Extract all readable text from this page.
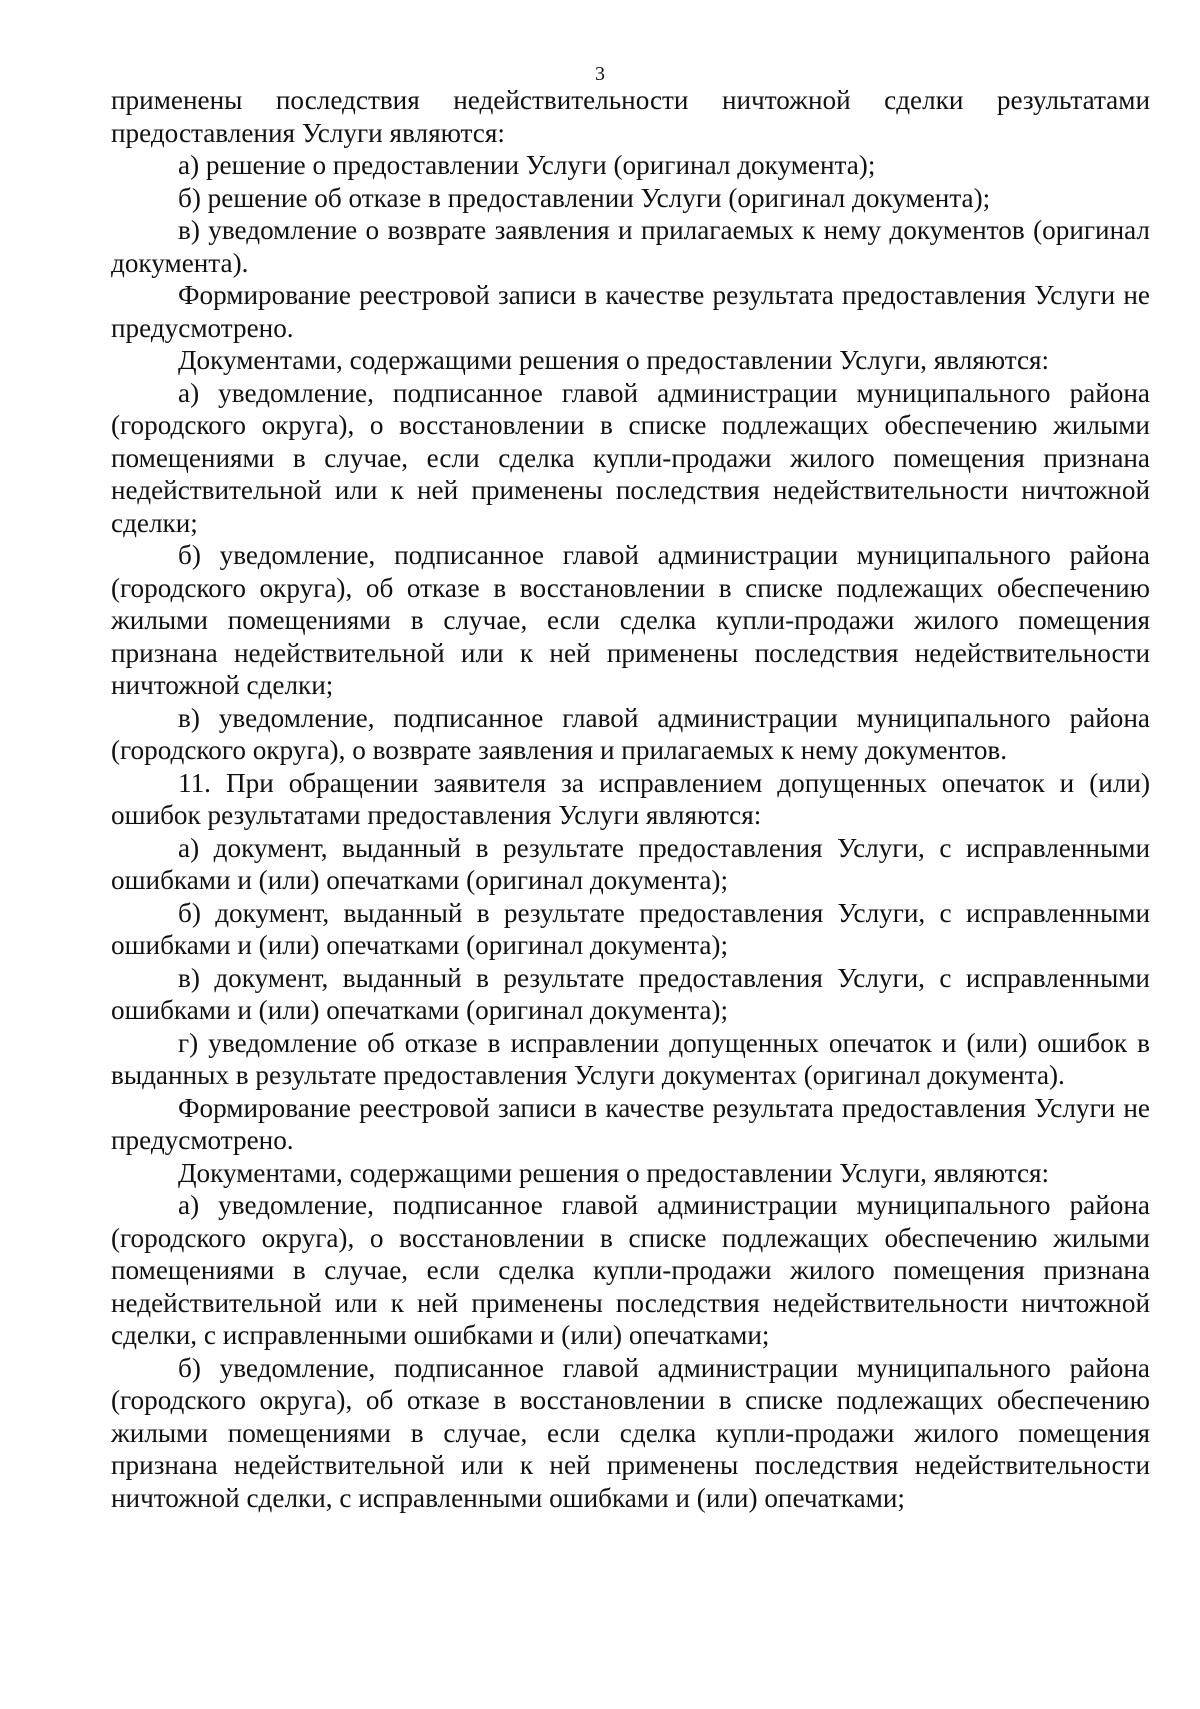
3

применены последствия недействительности ничтожной сделки результатами предоставления Услуги являются:

а) решение о предоставлении Услуги (оригинал документа);

б) решение об отказе в предоставлении Услуги (оригинал документа);

в) уведомление о возврате заявления и прилагаемых к нему документов (оригинал документа).

Формирование реестровой записи в качестве результата предоставления Услуги не предусмотрено.

Документами, содержащими решения о предоставлении Услуги, являются:

а) уведомление, подписанное главой администрации муниципального района (городского округа), о восстановлении в списке подлежащих обеспечению жилыми помещениями в случае, если сделка купли-продажи жилого помещения признана недействительной или к ней применены последствия недействительности ничтожной сделки;

б) уведомление, подписанное главой администрации муниципального района (городского округа), об отказе в восстановлении в списке подлежащих обеспечению жилыми помещениями в случае, если сделка купли-продажи жилого помещения признана недействительной или к ней применены последствия недействительности ничтожной сделки;

в) уведомление, подписанное главой администрации муниципального района (городского округа), о возврате заявления и прилагаемых к нему документов.

11. При обращении заявителя за исправлением допущенных опечаток и (или) ошибок результатами предоставления Услуги являются:

а) документ, выданный в результате предоставления Услуги, с исправленными ошибками и (или) опечатками (оригинал документа);

б) документ, выданный в результате предоставления Услуги, с исправленными ошибками и (или) опечатками (оригинал документа);

в) документ, выданный в результате предоставления Услуги, с исправленными ошибками и (или) опечатками (оригинал документа);

г) уведомление об отказе в исправлении допущенных опечаток и (или) ошибок в выданных в результате предоставления Услуги документах (оригинал документа).

Формирование реестровой записи в качестве результата предоставления Услуги не предусмотрено.

Документами, содержащими решения о предоставлении Услуги, являются:

а) уведомление, подписанное главой администрации муниципального района (городского округа), о восстановлении в списке подлежащих обеспечению жилыми помещениями в случае, если сделка купли-продажи жилого помещения признана недействительной или к ней применены последствия недействительности ничтожной сделки, с исправленными ошибками и (или) опечатками;

б) уведомление, подписанное главой администрации муниципального района (городского округа), об отказе в восстановлении в списке подлежащих обеспечению жилыми помещениями в случае, если сделка купли-продажи жилого помещения признана недействительной или к ней применены последствия недействительности ничтожной сделки, с исправленными ошибками и (или) опечатками;
